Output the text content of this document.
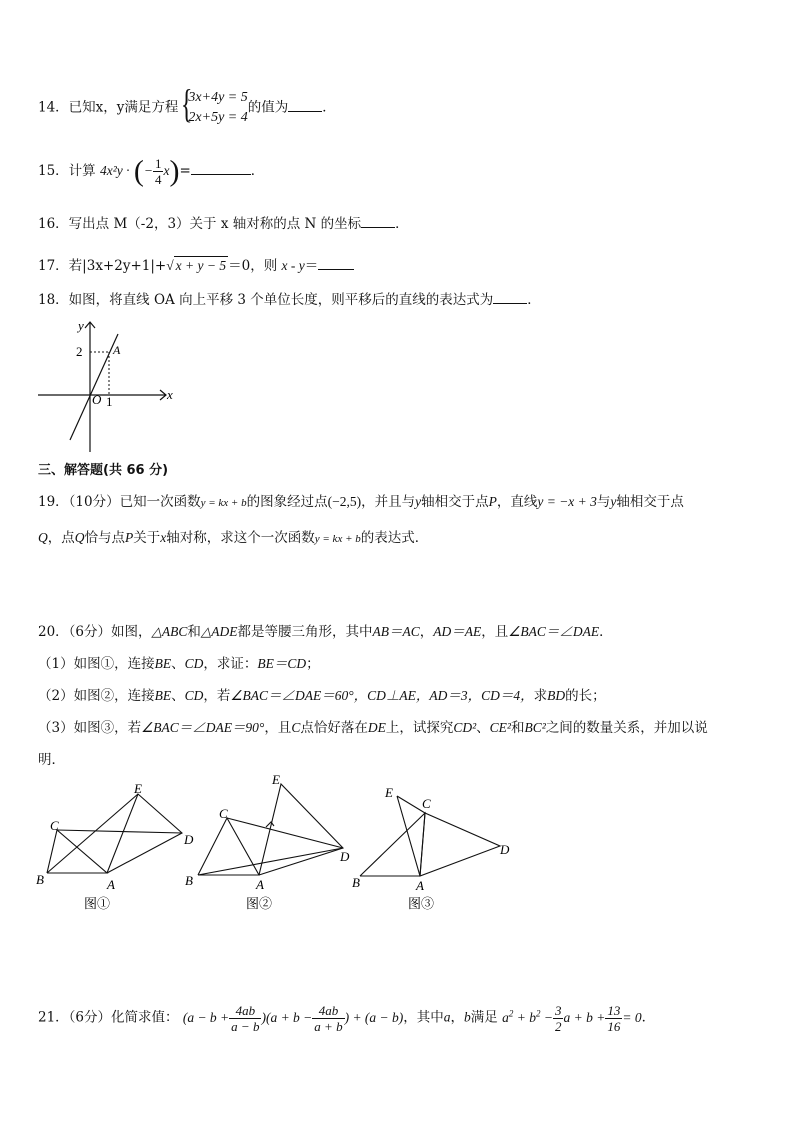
14．已知x，y满足方程 {
3x+4y = 5
2x+5y = 4
的值为	．
15．计算 4x²y · (− $\frac{1}{4} x)=$	．
16．写出点 M（-2，3）关于 x 轴对称的点 N 的坐标	．
17．若|3x+2y+1|+√ x + y − 5 ＝0，则 x - y＝
18．如图，将直线 OA 向上平移 3 个单位长度，则平移后的直线的表达式为	．
x
y
O
A
2
1
三、解答题(共 66 分)
19．（10分）已知一次函数y = kx + b的图象经过点(−2,5)，并且与y轴相交于点P，直线y = −x + 3与y轴相交于点
Q，点Q恰与点P关于x轴对称，求这个一次函数y = kx + b的表达式．
20．（6分）如图，△ABC和△ADE都是等腰三角形，其中AB＝AC，AD＝AE，且∠BAC＝∠DAE．
（1）如图①，连接BE、CD，求证：BE＝CD；
（2）如图②，连接BE、CD，若∠BAC＝∠DAE＝60°，CD⊥AE，AD＝3，CD＝4，求BD的长；
（3）如图③，若∠BAC＝∠DAE＝90°，且C点恰好落在DE上，试探究CD²、CE²和BC²之间的数量关系，并加以说
明．
B	A
C
E
D
图①
B	A
C
E
D
图②
B	A
C
E
D
图③
21．（6分）化简求值： $(a - b + \frac{4ab}{a - b} )(a + b - \frac{4ab}{a + b}$ ) + (a − b)，其中a，b满足 $a^2 + b^2 - \frac{3}{2}$ $a + b + \frac{13}{16} = 0$．
